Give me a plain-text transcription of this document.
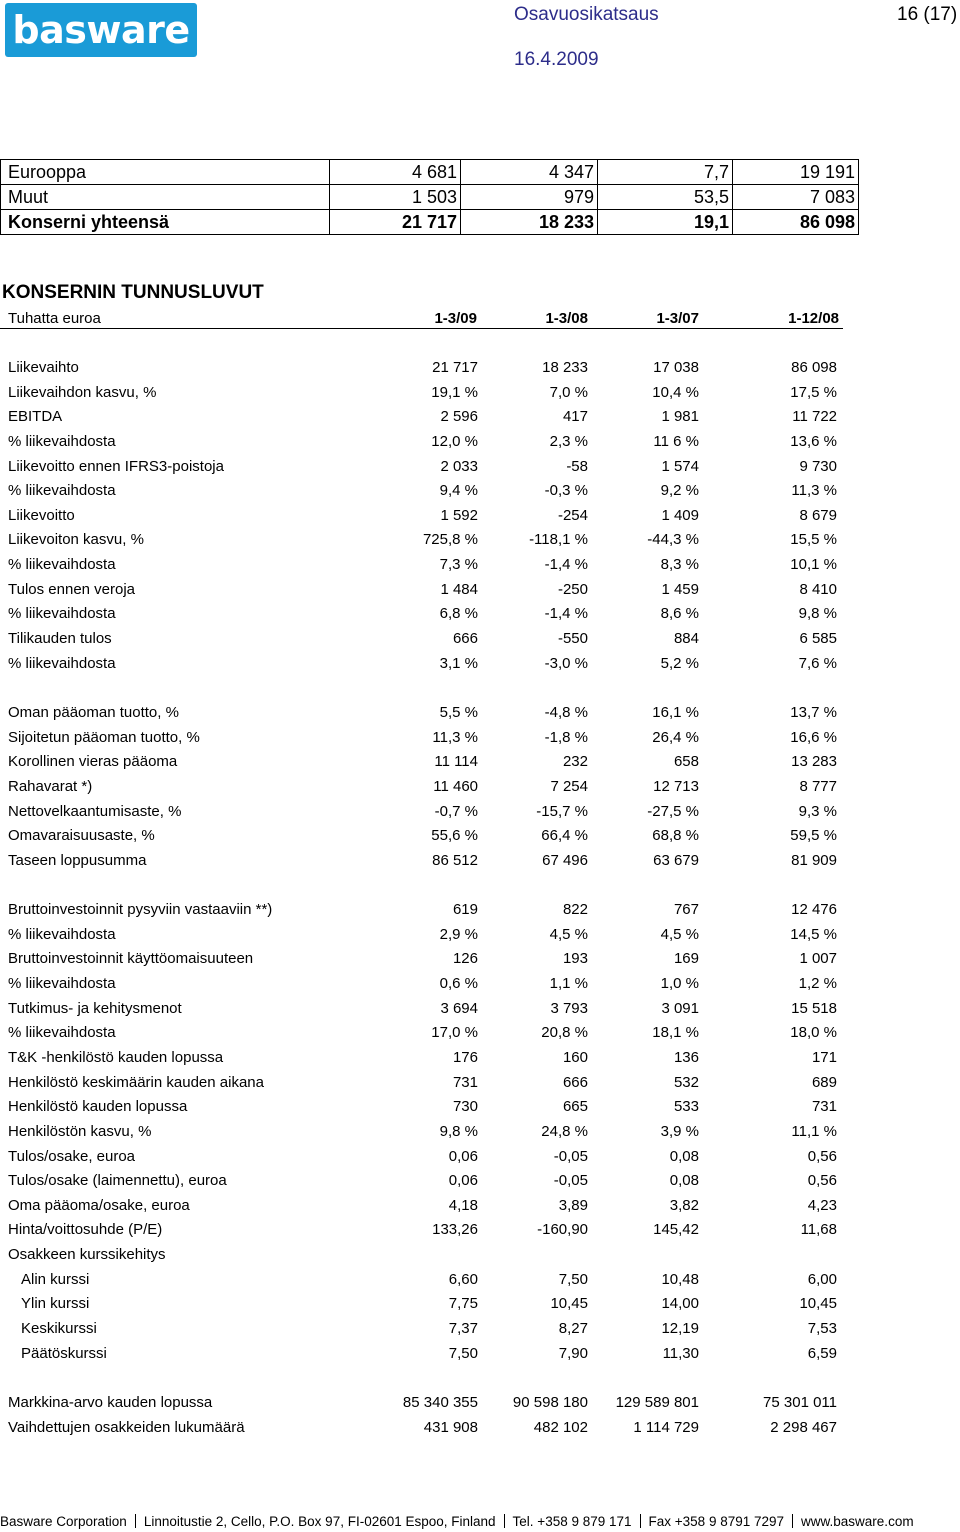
basware	Osavuosikatsaus	16 (17)
16.4.2009
Eurooppa	4 681	4 347	7,7	19 191
Muut	1 503	979	53,5	7 083
Konserni yhteensä	21 717	18 233	19,1	86 098
KONSERNIN TUNNUSLUVUT
Tuhatta euroa	1-3/09	1-3/08	1-3/07	1-12/08
Liikevaihto	21 717	18 233	17 038	86 098
Liikevaihdon kasvu, %	19,1 %	7,0 %	10,4 %	17,5 %
EBITDA	2 596	417	1 981	11 722
% liikevaihdosta	12,0 %	2,3 %	11 6 %	13,6 %
Liikevoitto ennen IFRS3-poistoja	2 033	-58	1 574	9 730
% liikevaihdosta	9,4 %	-0,3 %	9,2 %	11,3 %
Liikevoitto	1 592	-254	1 409	8 679
Liikevoiton kasvu, %	725,8 %	-118,1 %	-44,3 %	15,5 %
% liikevaihdosta	7,3 %	-1,4 %	8,3 %	10,1 %
Tulos ennen veroja	1 484	-250	1 459	8 410
% liikevaihdosta	6,8 %	-1,4 %	8,6 %	9,8 %
Tilikauden tulos	666	-550	884	6 585
% liikevaihdosta	3,1 %	-3,0 %	5,2 %	7,6 %
Oman pääoman tuotto, %	5,5 %	-4,8 %	16,1 %	13,7 %
Sijoitetun pääoman tuotto, %	11,3 %	-1,8 %	26,4 %	16,6 %
Korollinen vieras pääoma	11 114	232	658	13 283
Rahavarat *)	11 460	7 254	12 713	8 777
Nettovelkaantumisaste, %	-0,7 %	-15,7 %	-27,5 %	9,3 %
Omavaraisuusaste, %	55,6 %	66,4 %	68,8 %	59,5 %
Taseen loppusumma	86 512	67 496	63 679	81 909
Bruttoinvestoinnit pysyviin vastaaviin **)	619	822	767	12 476
% liikevaihdosta	2,9 %	4,5 %	4,5 %	14,5 %
Bruttoinvestoinnit käyttöomaisuuteen	126	193	169	1 007
% liikevaihdosta	0,6 %	1,1 %	1,0 %	1,2 %
Tutkimus- ja kehitysmenot	3 694	3 793	3 091	15 518
% liikevaihdosta	17,0 %	20,8 %	18,1 %	18,0 %
T&K -henkilöstö kauden lopussa	176	160	136	171
Henkilöstö keskimäärin kauden aikana	731	666	532	689
Henkilöstö kauden lopussa	730	665	533	731
Henkilöstön kasvu, %	9,8 %	24,8 %	3,9 %	11,1 %
Tulos/osake, euroa	0,06	-0,05	0,08	0,56
Tulos/osake (laimennettu), euroa	0,06	-0,05	0,08	0,56
Oma pääoma/osake, euroa	4,18	3,89	3,82	4,23
Hinta/voittosuhde (P/E)	133,26	-160,90	145,42	11,68
Osakkeen kurssikehitys
Alin kurssi	6,60	7,50	10,48	6,00
Ylin kurssi	7,75	10,45	14,00	10,45
Keskikurssi	7,37	8,27	12,19	7,53
Päätöskurssi	7,50	7,90	11,30	6,59
Markkina-arvo kauden lopussa	85 340 355	90 598 180	129 589 801	75 301 011
Vaihdettujen osakkeiden lukumäärä	431 908	482 102	1 114 729	2 298 467
Basware Corporation Linnoitustie 2, Cello, P.O. Box 97, FI-02601 Espoo, Finland Tel. +358 9 879 171 Fax +358 9 8791 7297 www.basware.com
